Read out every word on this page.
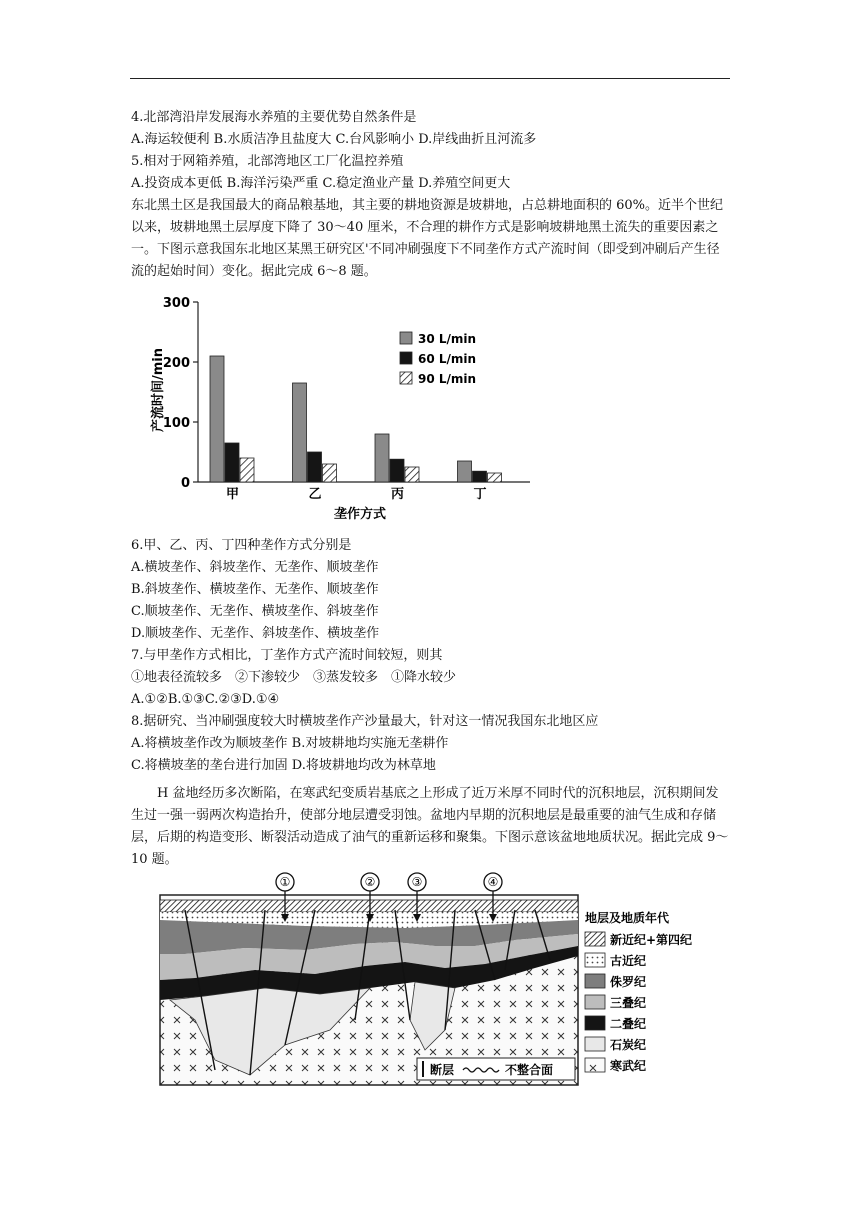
4.北部湾沿岸发展海水养殖的主要优势自然条件是
A.海运较便利 B.水质洁净且盐度大 C.台风影响小 D.岸线曲折且河流多
5.相对于网箱养殖，北部湾地区工厂化温控养殖
A.投资成本更低 B.海洋污染严重 C.稳定渔业产量 D.养殖空间更大
东北黑土区是我国最大的商品粮基地，其主要的耕地资源是坡耕地，占总耕地面积的 60%。近半个世纪以来，坡耕地黑土层厚度下降了 30～40 厘米，不合理的耕作方式是影响坡耕地黑土流失的重要因素之一。下图示意我国东北地区某黑王研究区'不同冲刷强度下不同垄作方式产流时间（即受到冲刷后产生径流的起始时间）变化。据此完成 6～8 题。
0
100
200
300
甲	乙	丙	丁
产流时间/min
垄作方式
30 L/min
60 L/min
90 L/min
6.甲、乙、丙、丁四种垄作方式分别是
A.横坡垄作、斜坡垄作、无垄作、顺坡垄作
B.斜坡垄作、横坡垄作、无垄作、顺坡垄作
C.顺坡垄作、无垄作、横坡垄作、斜坡垄作
D.顺坡垄作、无垄作、斜坡垄作、横坡垄作
7.与甲垄作方式相比，丁垄作方式产流时间较短，则其
①地表径流较多　②下渗较少　③蒸发较多　①降水较少
A.①②B.①③C.②③D.①④
8.据研究、当冲刷强度较大时横坡垄作产沙量最大，针对这一情况我国东北地区应
A.将横坡垄作改为顺坡垄作 B.对坡耕地均实施无垄耕作
C.将横坡垄的垄台进行加固 D.将坡耕地均改为林草地
H 盆地经历多次断陷，在寒武纪变质岩基底之上形成了近万米厚不同时代的沉积地层，沉积期间发生过一强一弱两次构造抬升，使部分地层遭受羽蚀。盆地内早期的沉积地层是最重要的油气生成和存储层，后期的构造变形、断裂活动造成了油气的重新运移和聚集。下图示意该盆地地质状况。据此完成 9～10 题。
①	②	③	④
地层及地质年代
新近纪+第四纪
古近纪
侏罗纪
三叠纪
二叠纪
石炭纪
寒武纪
断层	不整合面
